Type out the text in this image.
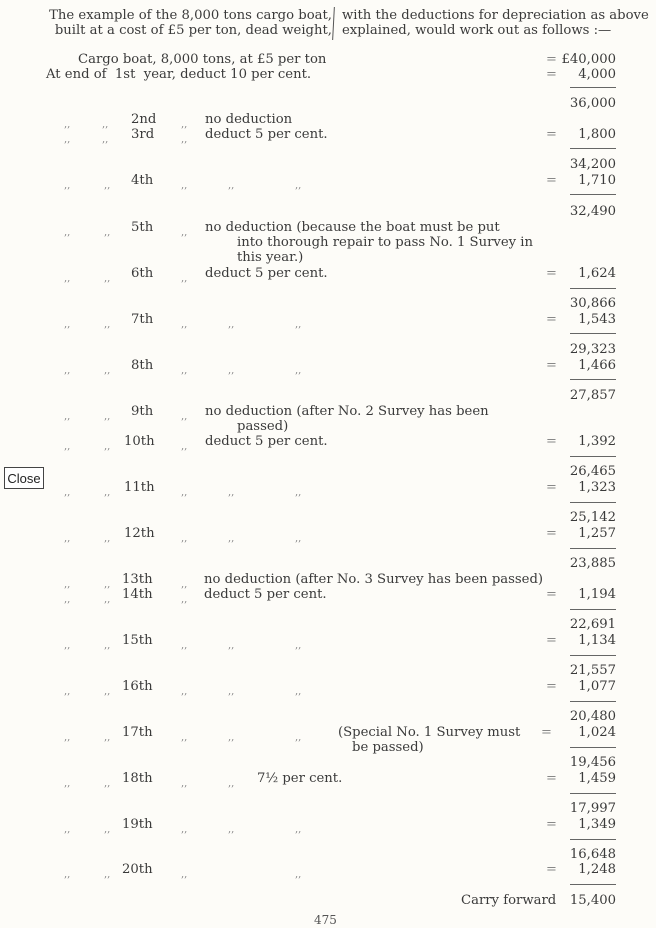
The example of the 8,000 tons cargo boat,
built at a cost of £5 per ton, dead weight,
with the deductions for depreciation as above
explained, would work out as follows :—
Cargo boat, 8,000 tons, at £5 per ton
At end of  1st  year, deduct 10 per cent.
= £40,000
=	4,000
36,000
,,	,, 2nd ,, no deduction
,,	,, 3rd	,, deduct 5 per cent.	=	1,800
34,200
,,	,, 4th	,,	,,	,,	=	1,710
32,490
,,	,, 5th	,, no deduction (because the boat must be put
into thorough repair to pass No. 1 Survey in
this year.)
,,	,, 6th	,, deduct 5 per cent.	=	1,624
30,866
,,	,, 7th	,,	,,	,,	=	1,543
29,323
,,	,, 8th	,,	,,	,,	=	1,466
27,857
,,	,, 9th	,, no deduction (after No. 2 Survey has been
passed)
,,	,, 10th	,, deduct 5 per cent.	=	1,392
26,465
,,	,, 11th	,,	,,	,,	=	1,323
25,142
,,	,, 12th	,,	,,	,,	=	1,257
23,885
,,	,, 13th	,, no deduction (after No. 3 Survey has been passed)
,,	,, 14th	,, deduct 5 per cent.	=	1,194
22,691
,,	,, 15th	,,	,,	,,	=	1,134
21,557
,,	,, 16th	,,	,,	,,	=	1,077
20,480
,,	,, 17th	,,	,,	,,	(Special No. 1 Survey must
be passed)
=	1,024
19,456
,,	,, 18th	,,	,, 7½ per cent.	=	1,459
17,997
,,	,, 19th	,,	,,	,,	=	1,349
16,648
,,	,, 20th	,,	,,	=	1,248
Carry forward	15,400
475
Close
